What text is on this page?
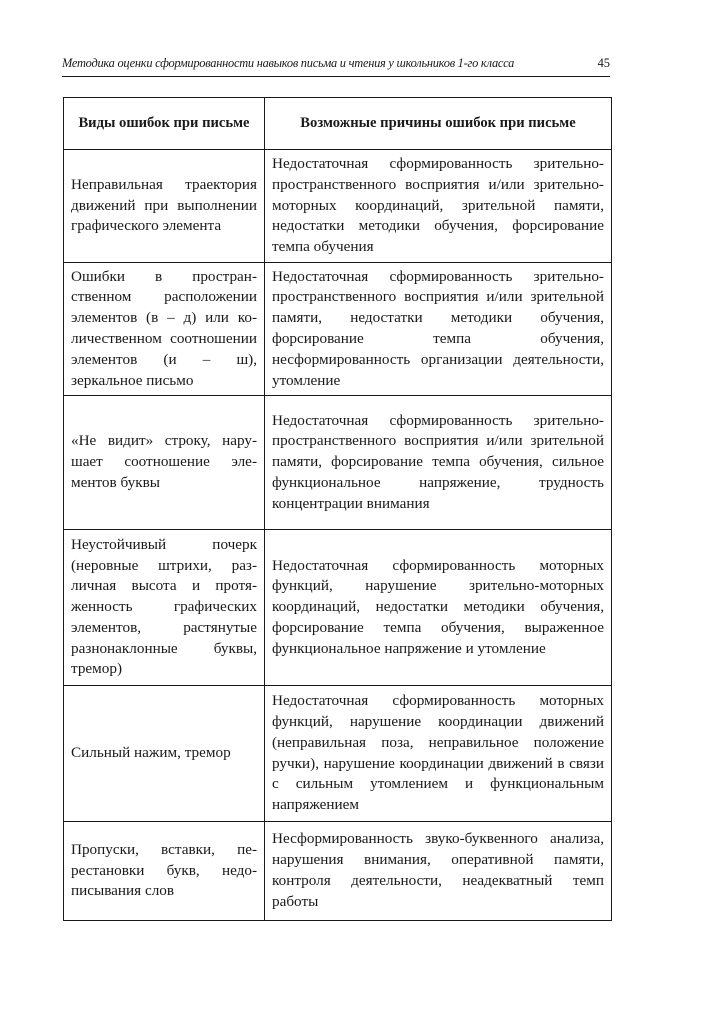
Методика оценки сформированности навыков письма и чтения у школьников 1-го класса	45
Виды ошибок при письме	Возможные причины ошибок при письме
Неправильная траектория движений при выполнении графического элемента	Недостаточная сформированность зрительно-пространственного восприятия и/или зрительно-моторных координаций, зрительной памяти, недостатки методики обучения, форсирование темпа обучения
Ошибки в пространственном расположении элементов (в – д) или количественном соотношении элементов (и – ш), зеркальное письмо	Недостаточная сформированность зрительно-пространственного восприятия и/или зрительной памяти, недостатки методики обучения, форсирование темпа обучения, несформированность организации деятельности, утомление
«Не видит» строку, нарушает соотношение элементов буквы	Недостаточная сформированность зрительно-пространственного восприятия и/или зрительной памяти, форсирование темпа обучения, сильное функциональное напряжение, трудность концентрации внимания
Неустойчивый почерк (неровные штрихи, различная высота и протяженность графических элементов, растянутые разнонаклонные буквы, тремор)	Недостаточная сформированность моторных функций, нарушение зрительно-моторных координаций, недостатки методики обучения, форсирование темпа обучения, выраженное функциональное напряжение и утомление
Сильный нажим, тремор	Недостаточная сформированность моторных функций, нарушение координации движений (неправильная поза, неправильное положение ручки), нарушение координации движений в связи с сильным утомлением и функциональным напряжением
Пропуски, вставки, перестановки букв, недописывания слов	Несформированность звуко-буквенного анализа, нарушения внимания, оперативной памяти, контроля деятельности, неадекватный темп работы
